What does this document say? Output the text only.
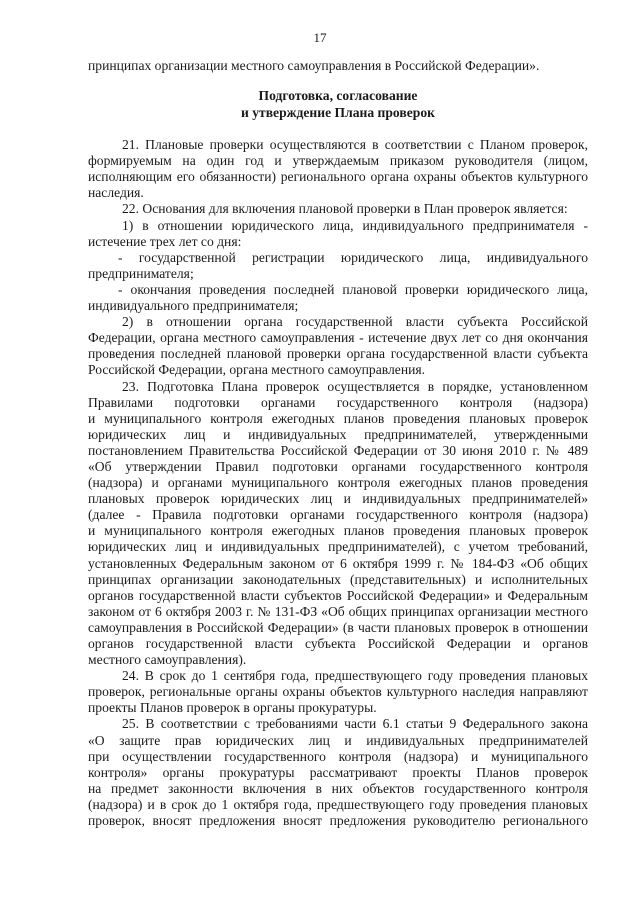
17
принципах организации местного самоуправления в Российской Федерации».
Подготовка, согласование
и утверждение Плана проверок
21. Плановые проверки осуществляются в соответствии с Планом проверок,
формируемым на один год и утверждаемым приказом руководителя (лицом,
исполняющим его обязанности) регионального органа охраны объектов культурного
наследия.
22. Основания для включения плановой проверки в План проверок является:
1) в отношении юридического лица, индивидуального предпринимателя -
истечение трех лет со дня:
- государственной регистрации юридического лица, индивидуального
предпринимателя;
- окончания проведения последней плановой проверки юридического лица,
индивидуального предпринимателя;
2) в отношении органа государственной власти субъекта Российской
Федерации, органа местного самоуправления - истечение двух лет со дня окончания
проведения последней плановой проверки органа государственной власти субъекта
Российской Федерации, органа местного самоуправления.
23. Подготовка Плана проверок осуществляется в порядке, установленном
Правилами подготовки органами государственного контроля (надзора)
и муниципального контроля ежегодных планов проведения плановых проверок
юридических лиц и индивидуальных предпринимателей, утвержденными
постановлением Правительства Российской Федерации от 30 июня 2010 г. № 489
«Об утверждении Правил подготовки органами государственного контроля
(надзора) и органами муниципального контроля ежегодных планов проведения
плановых проверок юридических лиц и индивидуальных предпринимателей»
(далее - Правила подготовки органами государственного контроля (надзора)
и муниципального контроля ежегодных планов проведения плановых проверок
юридических лиц и индивидуальных предпринимателей), с учетом требований,
установленных Федеральным законом от 6 октября 1999 г. № 184-ФЗ «Об общих
принципах организации законодательных (представительных) и исполнительных
органов государственной власти субъектов Российской Федерации» и Федеральным
законом от 6 октября 2003 г. № 131-ФЗ «Об общих принципах организации местного
самоуправления в Российской Федерации» (в части плановых проверок в отношении
органов государственной власти субъекта Российской Федерации и органов
местного самоуправления).
24. В срок до 1 сентября года, предшествующего году проведения плановых
проверок, региональные органы охраны объектов культурного наследия направляют
проекты Планов проверок в органы прокуратуры.
25. В соответствии с требованиями части 6.1 статьи 9 Федерального закона
«О защите прав юридических лиц и индивидуальных предпринимателей
при осуществлении государственного контроля (надзора) и муниципального
контроля» органы прокуратуры рассматривают проекты Планов проверок
на предмет законности включения в них объектов государственного контроля
(надзора) и в срок до 1 октября года, предшествующего году проведения плановых
проверок, вносят предложения вносят предложения руководителю регионального
